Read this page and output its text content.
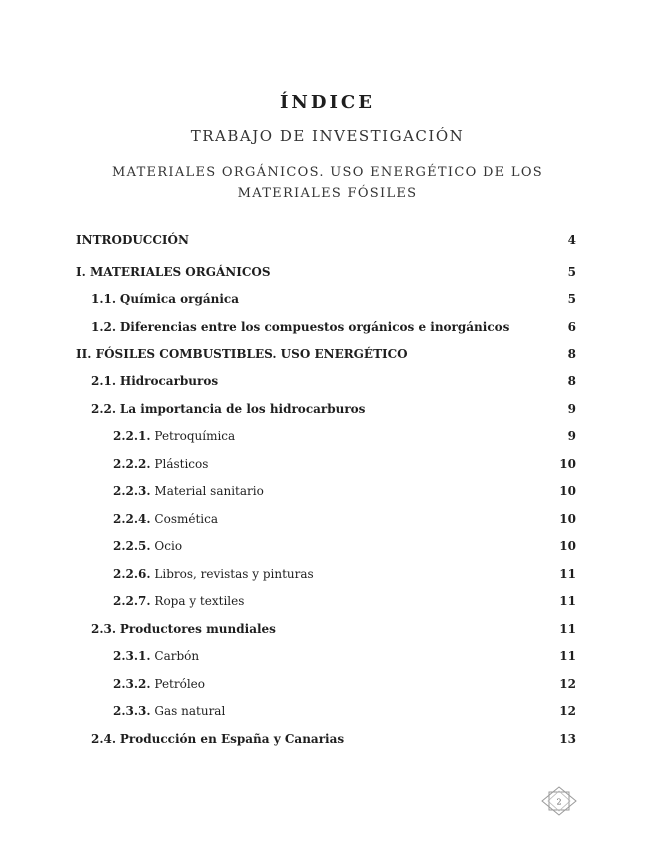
ÍNDICE
TRABAJO DE INVESTIGACIÓN
MATERIALES ORGÁNICOS. USO ENERGÉTICO DE LOS
MATERIALES FÓSILES
INTRODUCCIÓN	4
I. MATERIALES ORGÁNICOS	5
1.1. Química orgánica	5
1.2. Diferencias entre los compuestos orgánicos e inorgánicos	6
II. FÓSILES COMBUSTIBLES. USO ENERGÉTICO	8
2.1. Hidrocarburos	8
2.2. La importancia de los hidrocarburos	9
2.2.1. Petroquímica	9
2.2.2. Plásticos	10
2.2.3. Material sanitario	10
2.2.4. Cosmética	10
2.2.5. Ocio	10
2.2.6. Libros, revistas y pinturas	11
2.2.7. Ropa y textiles	11
2.3. Productores mundiales	11
2.3.1. Carbón	11
2.3.2. Petróleo	12
2.3.3. Gas natural	12
2.4. Producción en España y Canarias	13
2
